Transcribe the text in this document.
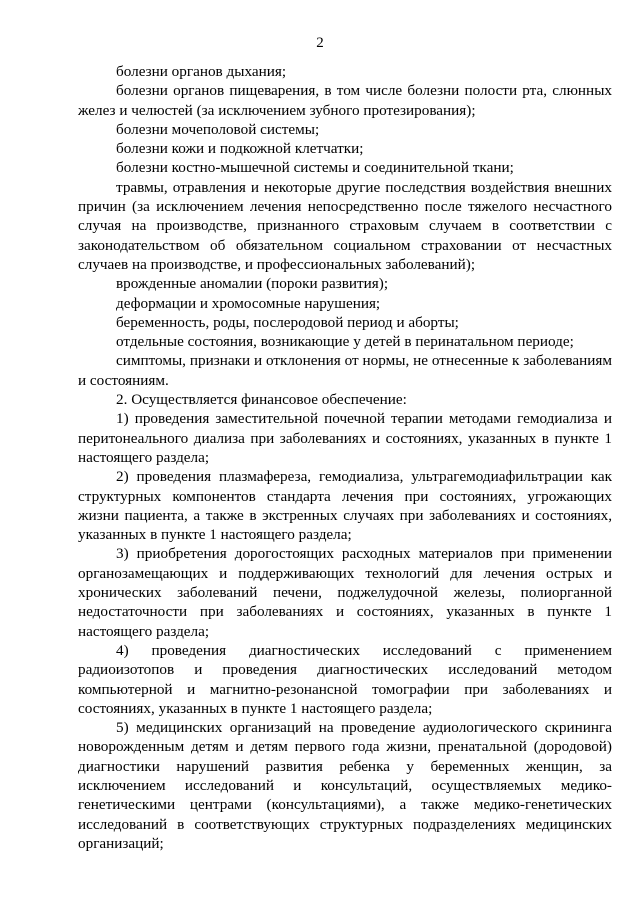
2

болезни органов дыхания;

болезни органов пищеварения, в том числе болезни полости рта, слюнных желез и челюстей (за исключением зубного протезирования);

болезни мочеполовой системы;

болезни кожи и подкожной клетчатки;

болезни костно-мышечной системы и соединительной ткани;

травмы, отравления и некоторые другие последствия воздействия внешних причин (за исключением лечения непосредственно после тяжелого несчастного случая на производстве, признанного страховым случаем в соответствии с законодательством об обязательном социальном страховании от несчастных случаев на производстве, и профессиональных заболеваний);

врожденные аномалии (пороки развития);

деформации и хромосомные нарушения;

беременность, роды, послеродовой период и аборты;

отдельные состояния, возникающие у детей в перинатальном периоде;

симптомы, признаки и отклонения от нормы, не отнесенные к заболеваниям и состояниям.

2. Осуществляется финансовое обеспечение:

1) проведения заместительной почечной терапии методами гемодиализа и перитонеального диализа при заболеваниях и состояниях, указанных в пункте 1 настоящего раздела;

2) проведения плазмафереза, гемодиализа, ультрагемодиафильтрации как структурных компонентов стандарта лечения при состояниях, угрожающих жизни пациента, а также в экстренных случаях при заболеваниях и состояниях, указанных в пункте 1 настоящего раздела;

3) приобретения дорогостоящих расходных материалов при применении органозамещающих и поддерживающих технологий для лечения острых и хронических заболеваний печени, поджелудочной железы, полиорганной недостаточности при заболеваниях и состояниях, указанных в пункте 1 настоящего раздела;

4) проведения диагностических исследований с применением радиоизотопов и проведения диагностических исследований методом компьютерной и магнитно-резонансной томографии при заболеваниях и состояниях, указанных в пункте 1 настоящего раздела;

5) медицинских организаций на проведение аудиологического скрининга новорожденным детям и детям первого года жизни, пренатальной (дородовой) диагностики нарушений развития ребенка у беременных женщин, за исключением исследований и консультаций, осуществляемых медико-генетическими центрами (консультациями), а также медико-генетических исследований в соответствующих структурных подразделениях медицинских организаций;
